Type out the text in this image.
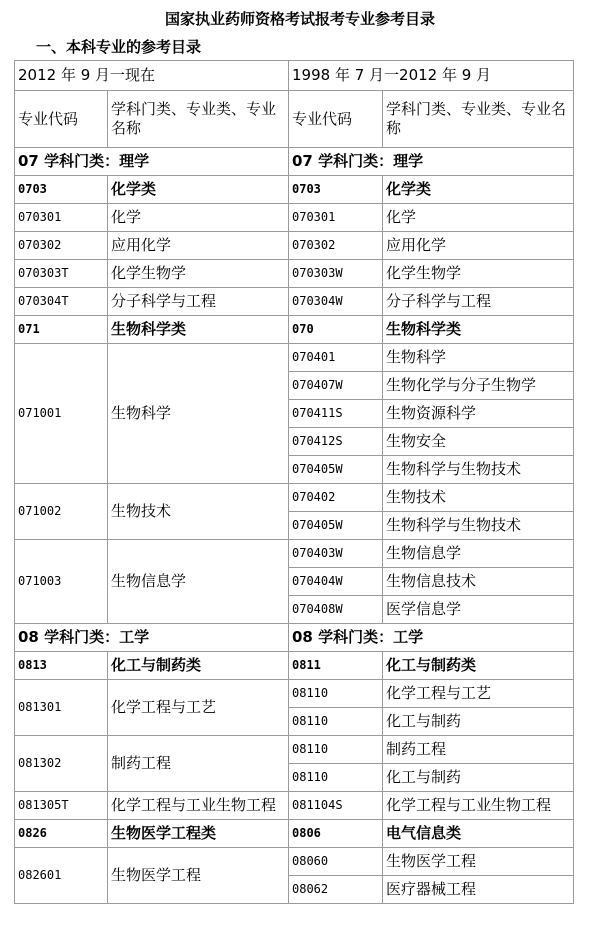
国家执业药师资格考试报考专业参考目录
一、本科专业的参考目录
2012 年 9 月一现在		1998 年 7 月一2012 年 9 月	
专业代码	学科门类、专业类、专业名称	专业代码	学科门类、专业类、专业名称
07 学科门类：理学		07 学科门类：理学	
0703	化学类	0703	化学类
070301	化学	070301	化学
070302	应用化学	070302	应用化学
070303T	化学生物学	070303W	化学生物学
070304T	分子科学与工程	070304W	分子科学与工程
071	生物科学类	070	生物科学类
071001	生物科学	070401	生物科学
		070407W	生物化学与分子生物学
		070411S	生物资源科学
		070412S	生物安全
		070405W	生物科学与生物技术
071002	生物技术	070402	生物技术
		070405W	生物科学与生物技术
071003	生物信息学	070403W	生物信息学
		070404W	生物信息技术
		070408W	医学信息学
08 学科门类：工学		08 学科门类：工学	
0813	化工与制药类	0811	化工与制药类
081301	化学工程与工艺	08110	化学工程与工艺
		08110	化工与制药
081302	制药工程	08110	制药工程
		08110	化工与制药
081305T	化学工程与工业生物工程	081104S	化学工程与工业生物工程
0826	生物医学工程类	0806	电气信息类
082601	生物医学工程	08060	生物医学工程
		08062	医疗器械工程
